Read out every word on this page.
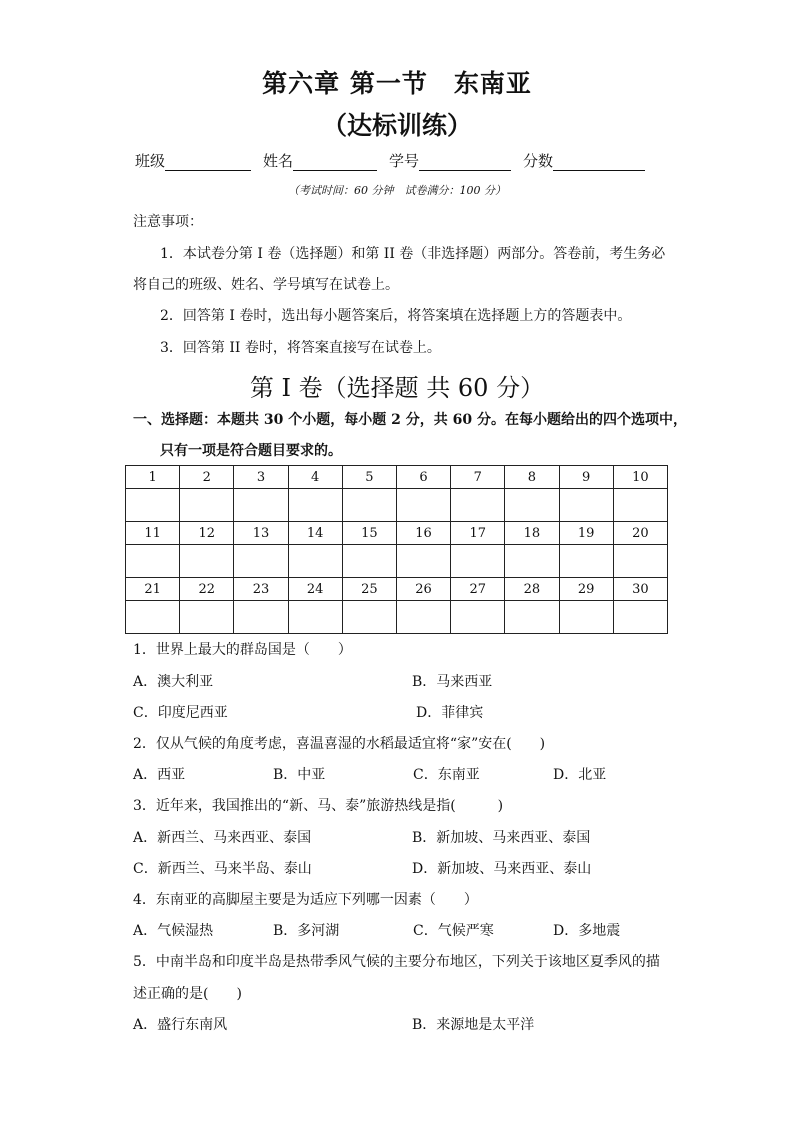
第六章 第一节　东南亚
（达标训练）
班级	姓名	学号	分数
（考试时间：60 分钟　试卷满分：100 分）
注意事项：
1．本试卷分第 I 卷（选择题）和第 II 卷（非选择题）两部分。答卷前，考生务必
将自己的班级、姓名、学号填写在试卷上。
2．回答第 I 卷时，选出每小题答案后，将答案填在选择题上方的答题表中。
3．回答第 II 卷时，将答案直接写在试卷上。
第 I 卷（选择题 共 60 分）
一、选择题：本题共 30 个小题，每小题 2 分，共 60 分。在每小题给出的四个选项中，
只有一项是符合题目要求的。
1	2	3	4	5	6	7	8	9	10

11	12	13	14	15	16	17	18	19	20

21	22	23	24	25	26	27	28	29	30

1．世界上最大的群岛国是（　　）
A．澳大利亚	B．马来西亚
C．印度尼西亚	D．菲律宾
2．仅从气候的角度考虑，喜温喜湿的水稻最适宜将“家”安在(　　)
A．西亚	B．中亚	C．东南亚	D．北亚
3．近年来，我国推出的“新、马、泰”旅游热线是指(　　　)
A．新西兰、马来西亚、泰国	B．新加坡、马来西亚、泰国
C．新西兰、马来半岛、泰山	D．新加坡、马来西亚、泰山
4．东南亚的高脚屋主要是为适应下列哪一因素（　　）
A．气候湿热	B．多河湖	C．气候严寒	D．多地震
5．中南半岛和印度半岛是热带季风气候的主要分布地区，下列关于该地区夏季风的描
述正确的是(　　)
A．盛行东南风	B．来源地是太平洋
